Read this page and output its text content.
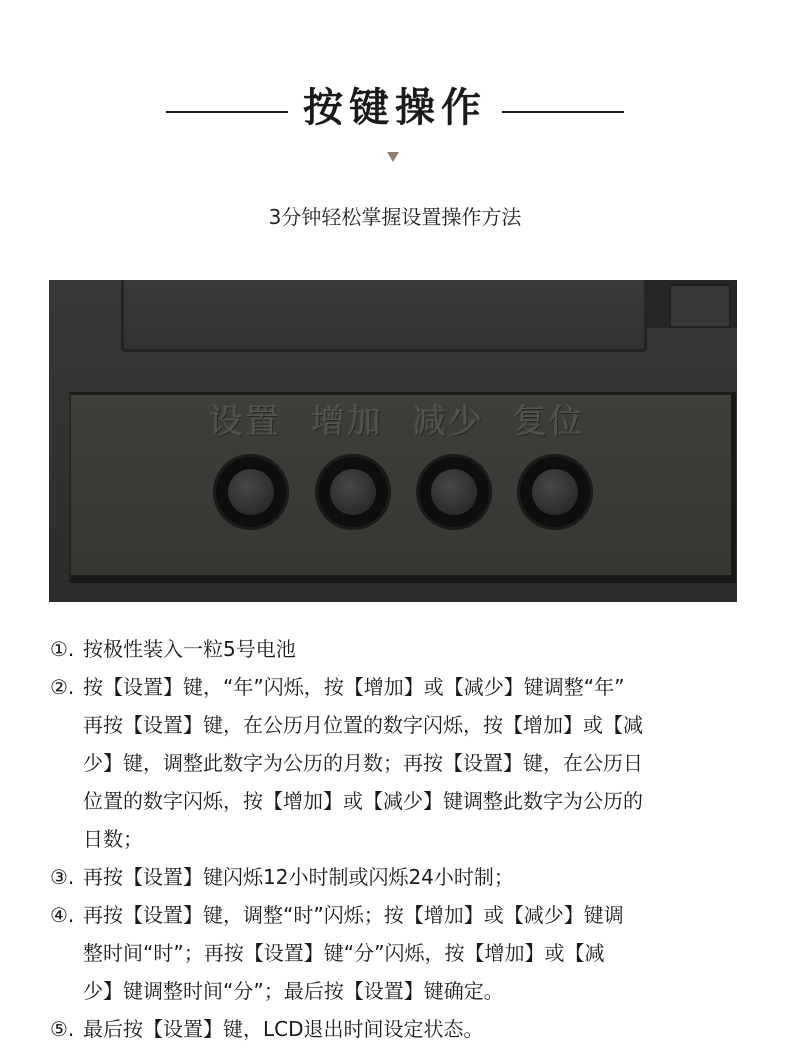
按键操作
3分钟轻松掌握设置操作方法
设置 增加 减少 复位
①. 按极性装入一粒5号电池
②. 按【设置】键，“年”闪烁，按【增加】或【减少】键调整“年”
再按【设置】键，在公历月位置的数字闪烁，按【增加】或【减
少】键，调整此数字为公历的月数；再按【设置】键，在公历日
位置的数字闪烁，按【增加】或【减少】键调整此数字为公历的
日数；
③. 再按【设置】键闪烁12小时制或闪烁24小时制；
④. 再按【设置】键，调整“时”闪烁；按【增加】或【减少】键调
整时间“时”；再按【设置】键“分”闪烁，按【增加】或【减
少】键调整时间“分”；最后按【设置】键确定。
⑤. 最后按【设置】键，LCD退出时间设定状态。
